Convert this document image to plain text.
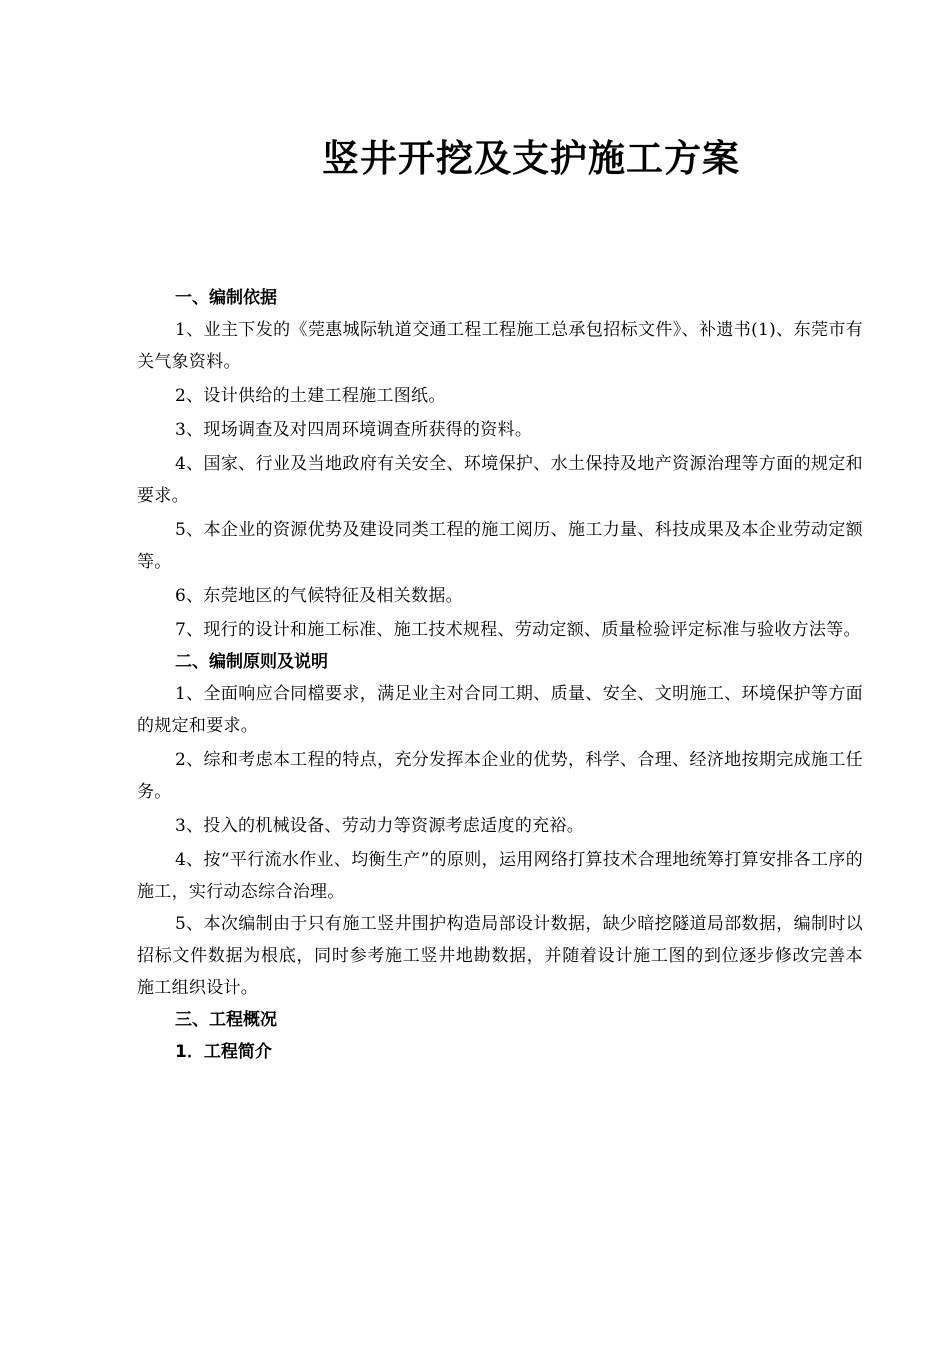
竖井开挖及支护施工方案
一、编制依据
1、业主下发的《莞惠城际轨道交通工程工程施工总承包招标文件》、补遗书(1)、东莞市有关气象资料。
2、设计供给的土建工程施工图纸。
3、现场调查及对四周环境调查所获得的资料。
4、国家、行业及当地政府有关安全、环境保护、水土保持及地产资源治理等方面的规定和要求。
5、本企业的资源优势及建设同类工程的施工阅历、施工力量、科技成果及本企业劳动定额等。
6、东莞地区的气候特征及相关数据。
7、现行的设计和施工标准、施工技术规程、劳动定额、质量检验评定标准与验收方法等。
二、编制原则及说明
1、全面响应合同檔要求，满足业主对合同工期、质量、安全、文明施工、环境保护等方面的规定和要求。
2、综和考虑本工程的特点，充分发挥本企业的优势，科学、合理、经济地按期完成施工任务。
3、投入的机械设备、劳动力等资源考虑适度的充裕。
4、按“平行流水作业、均衡生产”的原则，运用网络打算技术合理地统筹打算安排各工序的施工，实行动态综合治理。
5、本次编制由于只有施工竖井围护构造局部设计数据，缺少暗挖隧道局部数据，编制时以招标文件数据为根底，同时参考施工竖井地勘数据，并随着设计施工图的到位逐步修改完善本施工组织设计。
三、工程概况
1．工程简介
